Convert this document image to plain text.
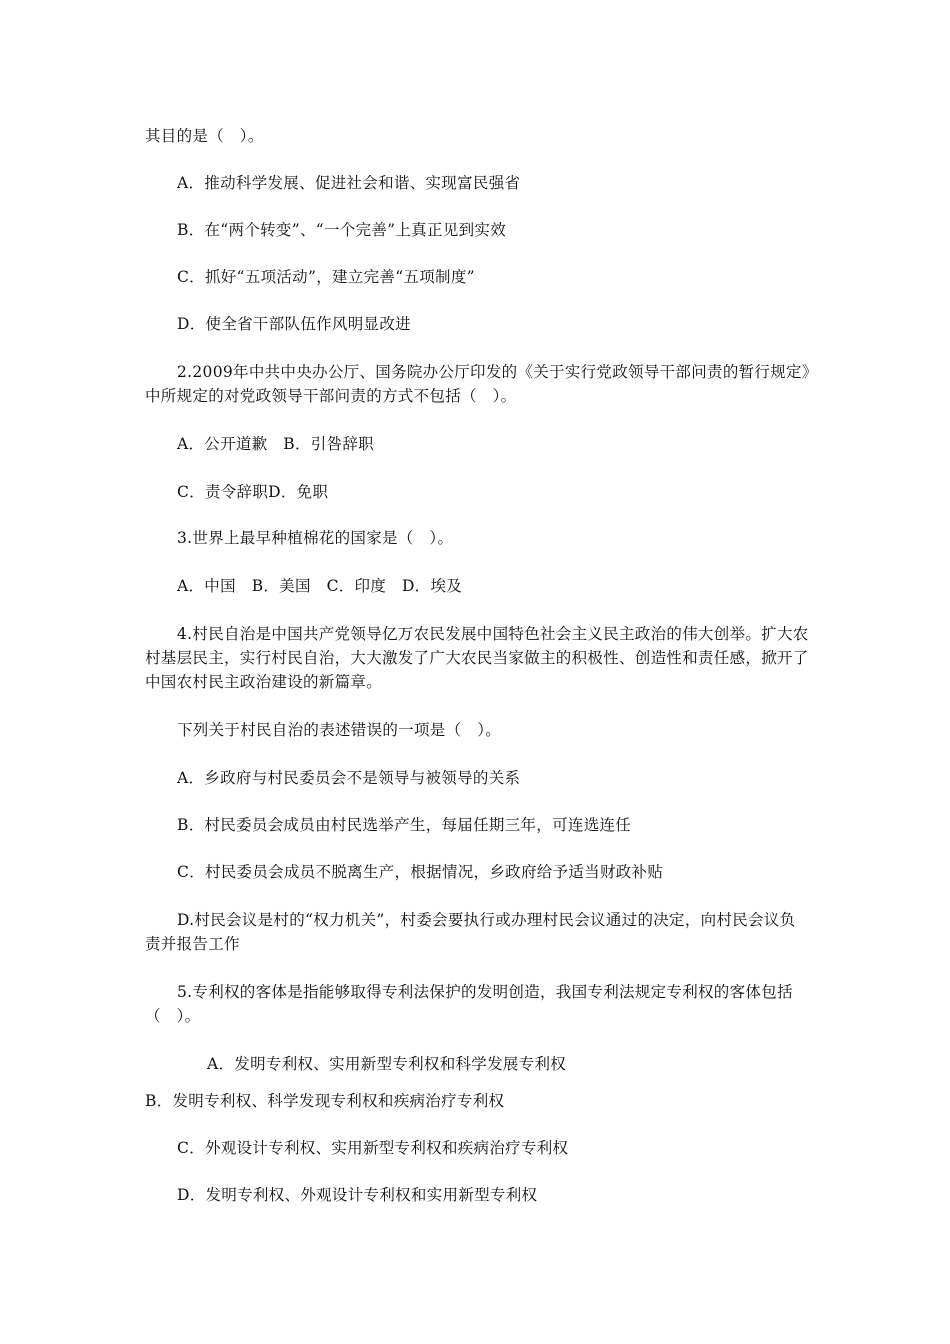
其目的是（　）。
A．推动科学发展、促进社会和谐、实现富民强省
B．在“两个转变”、“一个完善”上真正见到实效
C．抓好“五项活动”，建立完善“五项制度”
D．使全省干部队伍作风明显改进
2.2009年中共中央办公厅、国务院办公厅印发的《关于实行党政领导干部问责的暂行规定》中所规定的对党政领导干部问责的方式不包括（　）。
A．公开道歉　B．引咎辞职
C．责令辞职D．免职
3.世界上最早种植棉花的国家是（　）。
A．中国　B．美国　C．印度　D．埃及
4.村民自治是中国共产党领导亿万农民发展中国特色社会主义民主政治的伟大创举。扩大农村基层民主，实行村民自治，大大激发了广大农民当家做主的积极性、创造性和责任感，掀开了中国农村民主政治建设的新篇章。
下列关于村民自治的表述错误的一项是（　）。
A．乡政府与村民委员会不是领导与被领导的关系
B．村民委员会成员由村民选举产生，每届任期三年，可连选连任
C．村民委员会成员不脱离生产，根据情况，乡政府给予适当财政补贴
D.村民会议是村的“权力机关”，村委会要执行或办理村民会议通过的决定，向村民会议负责并报告工作
5.专利权的客体是指能够取得专利法保护的发明创造，我国专利法规定专利权的客体包括（　）。
A．发明专利权、实用新型专利权和科学发展专利权
B．发明专利权、科学发现专利权和疾病治疗专利权
C．外观设计专利权、实用新型专利权和疾病治疗专利权
D．发明专利权、外观设计专利权和实用新型专利权
